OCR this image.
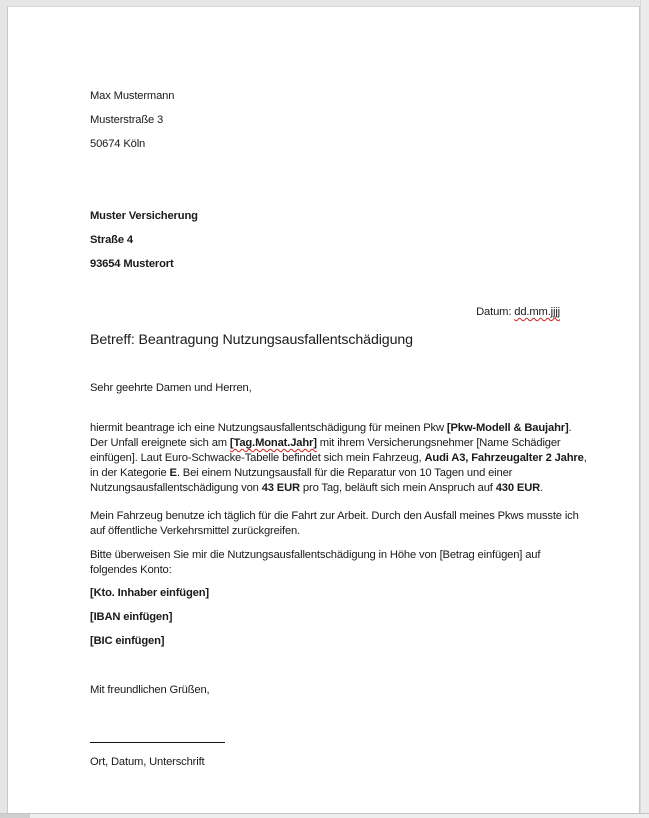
Max Mustermann
Musterstraße 3
50674 Köln
Muster Versicherung
Straße 4
93654 Musterort
Datum: dd.mm.jjjj
Betreff: Beantragung Nutzungsausfallentschädigung
Sehr geehrte Damen und Herren,
hiermit beantrage ich eine Nutzungsausfallentschädigung für meinen Pkw [Pkw-Modell & Baujahr].
Der Unfall ereignete sich am [Tag.Monat.Jahr] mit ihrem Versicherungsnehmer [Name Schädiger
einfügen]. Laut Euro-Schwacke-Tabelle befindet sich mein Fahrzeug, Audi A3, Fahrzeugalter 2 Jahre,
in der Kategorie E. Bei einem Nutzungsausfall für die Reparatur von 10 Tagen und einer
Nutzungsausfallentschädigung von 43 EUR pro Tag, beläuft sich mein Anspruch auf 430 EUR.
Mein Fahrzeug benutze ich täglich für die Fahrt zur Arbeit. Durch den Ausfall meines Pkws musste ich
auf öffentliche Verkehrsmittel zurückgreifen.
Bitte überweisen Sie mir die Nutzungsausfallentschädigung in Höhe von [Betrag einfügen] auf
folgendes Konto:
[Kto. Inhaber einfügen]
[IBAN einfügen]
[BIC einfügen]
Mit freundlichen Grüßen,
Ort, Datum, Unterschrift
